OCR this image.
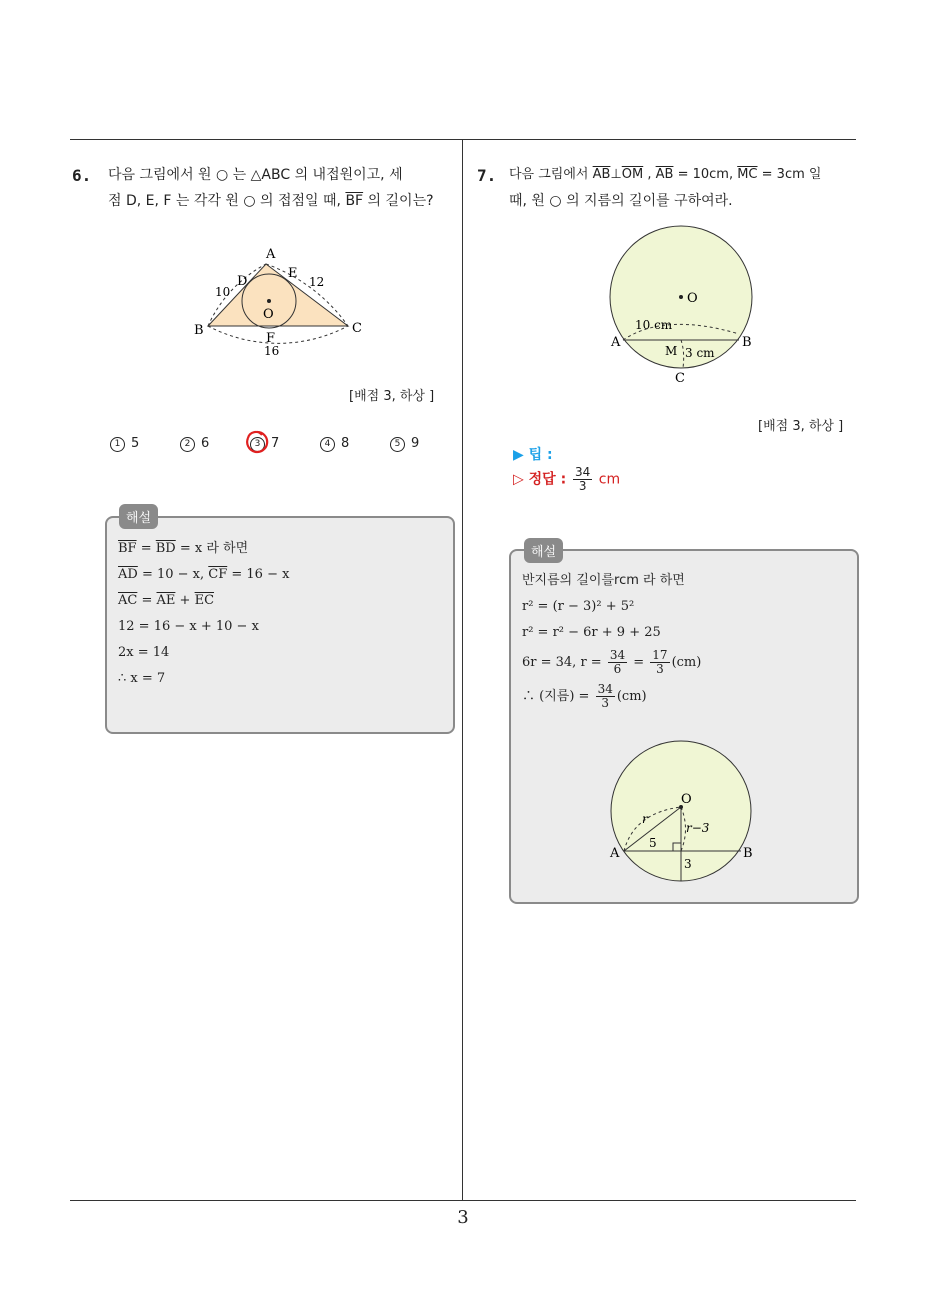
6. 다음 그림에서 원 ○ 는 △ABC 의 내접원이고, 세
점 D, E, F 는 각각 원 ○ 의 접점일 때, $\overline{BF}$ 의 길이는?
A
B	C
D
E
F
O
10
12
16
[배점 3, 하상 ]
1 5	2 6	3 7	4 8	5 9
해설
$\overline{BF} = \overline{BD} = x$ 라 하면
$\overline{AD} = 10 - x$, $\overline{CF} = 16 - x$
$\overline{AC} = \overline{AE} + \overline{EC}$
12 = 16 − x + 10 − x
2x = 14
∴ x = 7
7. 다음 그림에서 $\overline{AB}\perp\overline{OM}$ , $\overline{AB} = 10cm$, $\overline{MC} = 3cm$ 일
때, 원 ○ 의 지름의 길이를 구하여라.
O
A	B
M
C
10 cm
3 cm
[배점 3, 하상 ]
▶ 팁 :
▷ 정답 : $\frac{34}{3}$ cm
해설
반지름의 길이를rcm 라 하면
r² = (r − 3)² + 5²
r² = r² − 6r + 9 + 25
6r = 34, $r = \frac{34}{6} = \frac{17}{3} (cm)$
∴ (지름) = $\frac{34}{3} (cm)$
O
A	B
r
r−3
5
3
3
